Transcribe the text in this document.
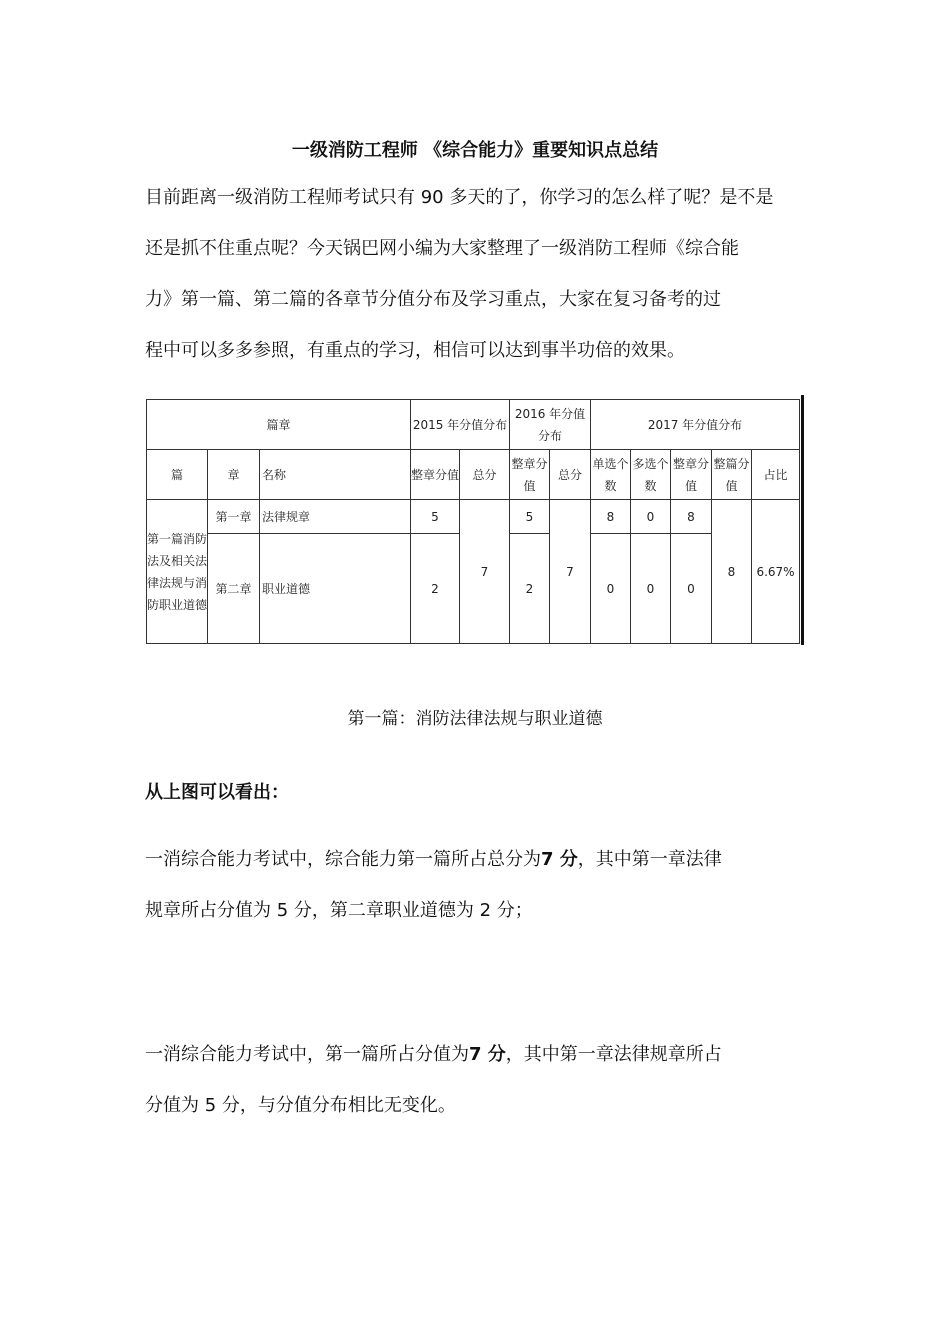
一级消防工程师 《综合能力》重要知识点总结

目前距离一级消防工程师考试只有 90 多天的了，你学习的怎么样了呢？是不是

还是抓不住重点呢？今天锅巴网小编为大家整理了一级消防工程师《综合能

力》第一篇、第二篇的各章节分值分布及学习重点，大家在复习备考的过

程中可以多多参照，有重点的学习，相信可以达到事半功倍的效果。

篇章			2015 年分值分布		2016 年分值分布		2017 年分值分布				
篇	章	名称	整章分值	总分	整章分值	总分	单选个数	多选个数	整章分值	整篇分值	占比
第一篇消防法及相关法律法规与消防职业道德	第一章	法律规章	5	7	5	7	8	0	8	8	6.67%
	第二章	职业道德	2		2		0	0	0		
第一篇：消防法律法规与职业道德
从上图可以看出：

一消综合能力考试中，综合能力第一篇所占总分为7 分，其中第一章法律

规章所占分值为 5 分，第二章职业道德为 2 分；

一消综合能力考试中，第一篇所占分值为7 分，其中第一章法律规章所占

分值为 5 分，与分值分布相比无变化。
